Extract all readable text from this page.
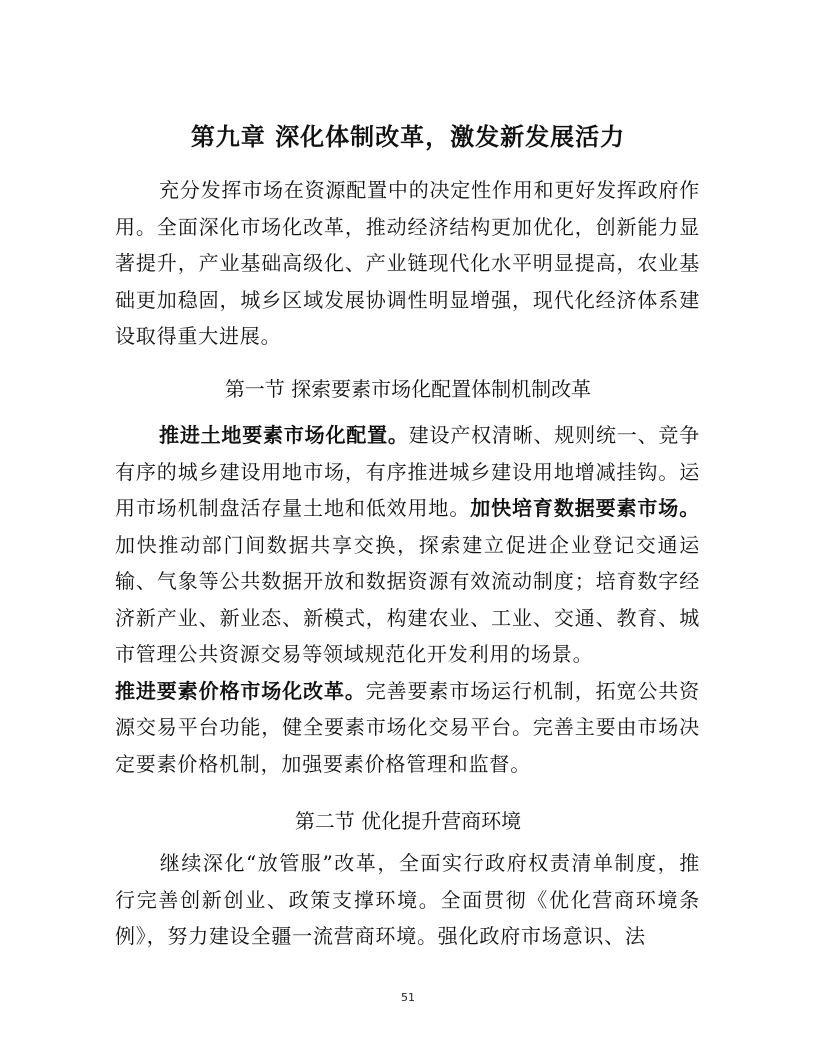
第九章 深化体制改革，激发新发展活力

充分发挥市场在资源配置中的决定性作用和更好发挥政府作用。全面深化市场化改革，推动经济结构更加优化，创新能力显著提升，产业基础高级化、产业链现代化水平明显提高，农业基础更加稳固，城乡区域发展协调性明显增强，现代化经济体系建设取得重大进展。

第一节 探索要素市场化配置体制机制改革

推进土地要素市场化配置。建设产权清晰、规则统一、竞争有序的城乡建设用地市场，有序推进城乡建设用地增减挂钩。运用市场机制盘活存量土地和低效用地。加快培育数据要素市场。加快推动部门间数据共享交换，探索建立促进企业登记交通运输、气象等公共数据开放和数据资源有效流动制度；培育数字经济新产业、新业态、新模式，构建农业、工业、交通、教育、城市管理公共资源交易等领域规范化开发利用的场景。
推进要素价格市场化改革。完善要素市场运行机制，拓宽公共资源交易平台功能，健全要素市场化交易平台。完善主要由市场决定要素价格机制，加强要素价格管理和监督。

第二节 优化提升营商环境

继续深化“放管服”改革，全面实行政府权责清单制度，推行完善创新创业、政策支撑环境。全面贯彻《优化营商环境条例》，努力建设全疆一流营商环境。强化政府市场意识、法

51
